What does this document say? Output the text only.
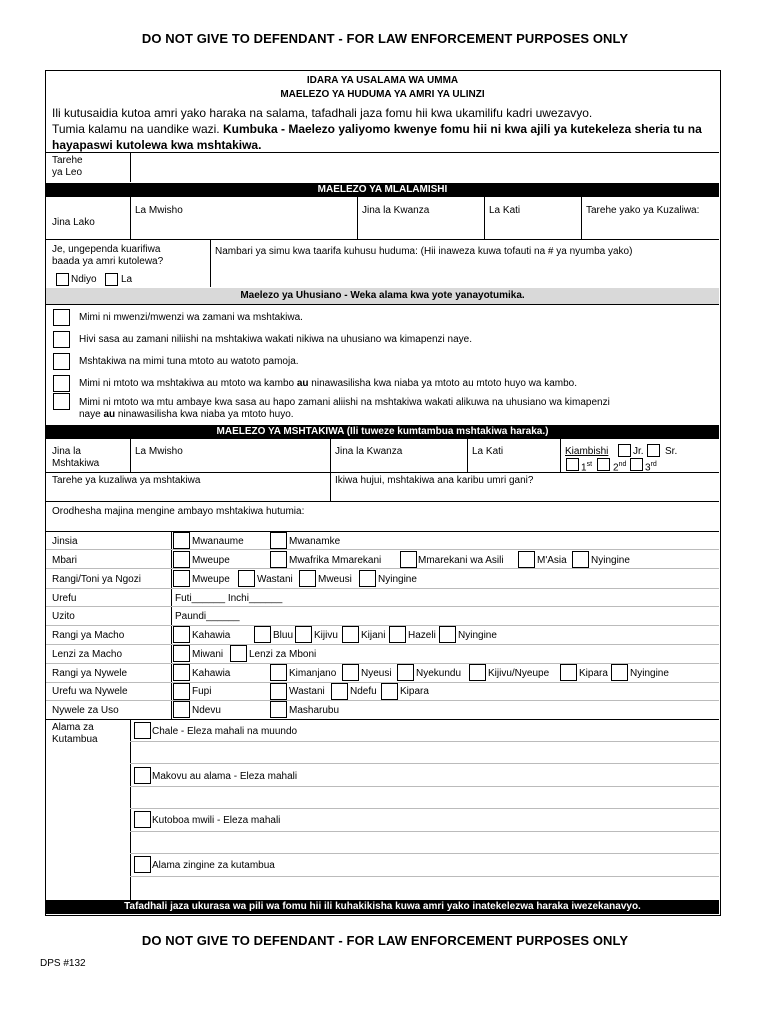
DO NOT GIVE TO DEFENDANT - FOR LAW ENFORCEMENT PURPOSES ONLY
IDARA YA USALAMA WA UMMA
MAELEZO YA HUDUMA YA AMRI YA ULINZI
Ili kutusaidia kutoa amri yako haraka na salama, tafadhali jaza fomu hii kwa ukamilifu kadri uwezavyo.
Tumia kalamu na uandike wazi. Kumbuka - Maelezo yaliyomo kwenye fomu hii ni kwa ajili ya kutekeleza sheria tu na hayapaswi kutolewa kwa mshtakiwa.
Tarehe
ya Leo
MAELEZO YA MLALAMISHI
Jina Lako
La Mwisho	Jina la Kwanza	La Kati	Tarehe yako ya Kuzaliwa:
Je, ungependa kuarifiwa
baada ya amri kutolewa?
Ndiyo La
Nambari ya simu kwa taarifa kuhusu huduma: (Hii inaweza kuwa tofauti na # ya nyumba yako)
Maelezo ya Uhusiano - Weka alama kwa yote yanayotumika.
Mimi ni mwenzi/mwenzi wa zamani wa mshtakiwa.
Hivi sasa au zamani niliishi na mshtakiwa wakati nikiwa na uhusiano wa kimapenzi naye.
Mshtakiwa na mimi tuna mtoto au watoto pamoja.
Mimi ni mtoto wa mshtakiwa au mtoto wa kambo au ninawasilisha kwa niaba ya mtoto au mtoto huyo wa kambo.
Mimi ni mtoto wa mtu ambaye kwa sasa au hapo zamani aliishi na mshtakiwa wakati alikuwa na uhusiano wa kimapenzi
naye au ninawasilisha kwa niaba ya mtoto huyo.
MAELEZO YA MSHTAKIWA (Ili tuweze kumtambua mshtakiwa haraka.)
Jina la
Mshtakiwa
La Mwisho	Jina la Kwanza	La Kati	Kiambishi Jr. Sr.
1st 2nd 3rd
Tarehe ya kuzaliwa ya mshtakiwa	Ikiwa hujui, mshtakiwa ana karibu umri gani?
Orodhesha majina mengine ambayo mshtakiwa hutumia:
Jinsia	Mwanaume	Mwanamke
Mbari	Mweupe	Mwafrika Mmarekani	Mmarekani wa Asili	M'Asia Nyingine
Rangi/Toni ya Ngozi	Mweupe	Wastani	Mweusi	Nyingine
Urefu	Futi______ Inchi______
Uzito	Paundi______
Rangi ya Macho	Kahawia	Bluu Kijivu Kijani Hazeli Nyingine
Lenzi za Macho	Miwani	Lenzi za Mboni
Rangi ya Nywele	Kahawia	Kimanjano Nyeusi Nyekundu	Kijivu/Nyeupe	Kipara Nyingine
Urefu wa Nywele	Fupi	Wastani	Ndefu Kipara
Nywele za Uso	Ndevu	Masharubu
Alama za
Kutambua
Chale - Eleza mahali na muundo
Makovu au alama - Eleza mahali
Kutoboa mwili - Eleza mahali
Alama zingine za kutambua
Tafadhali jaza ukurasa wa pili wa fomu hii ili kuhakikisha kuwa amri yako inatekelezwa haraka iwezekanavyo.
DO NOT GIVE TO DEFENDANT - FOR LAW ENFORCEMENT PURPOSES ONLY
DPS #132
